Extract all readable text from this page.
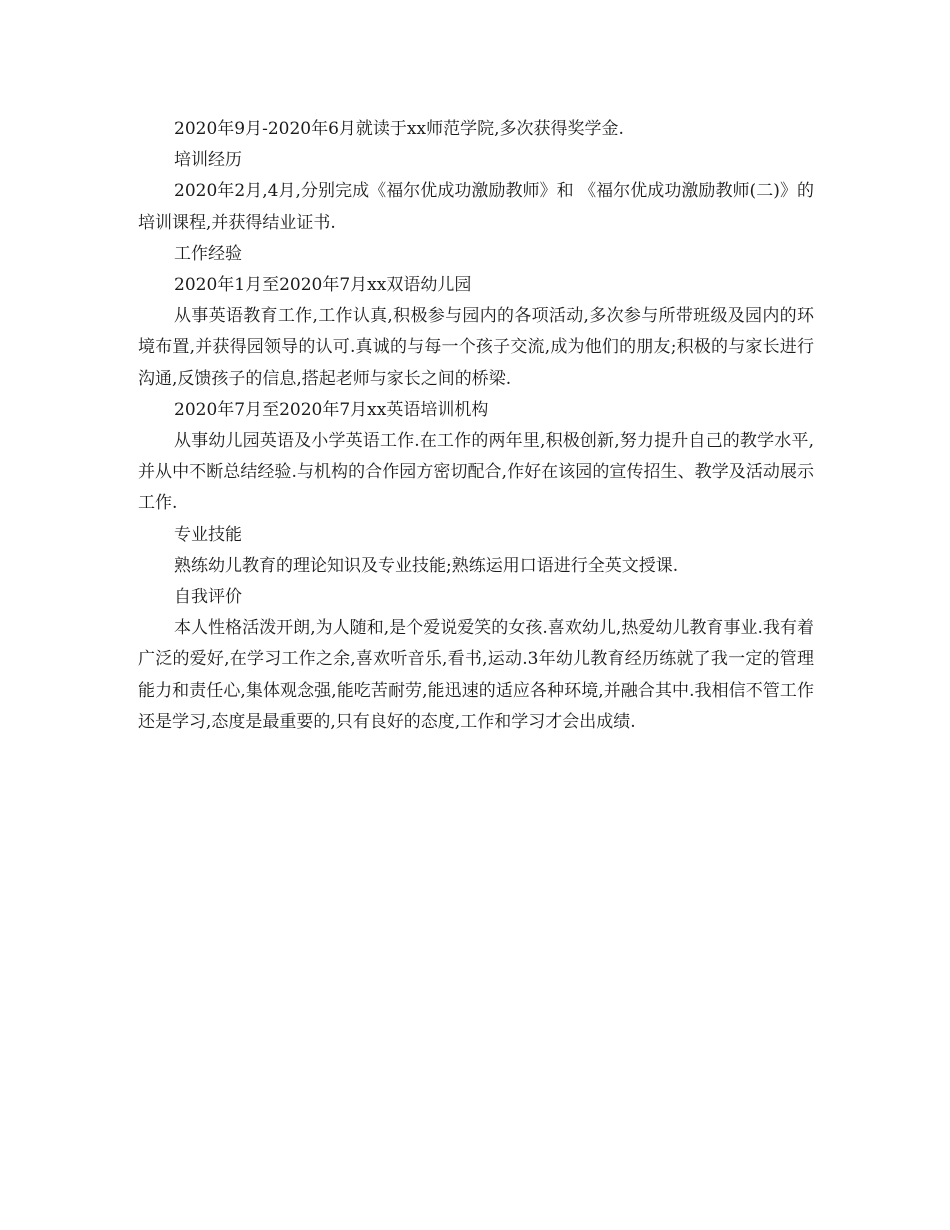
2020年9月-2020年6月就读于xx师范学院,多次获得奖学金.

培训经历

2020年2月,4月,分别完成《福尔优成功激励教师》和 《福尔优成功激励教师(二)》的培训课程,并获得结业证书.

工作经验

2020年1月至2020年7月xx双语幼儿园

从事英语教育工作,工作认真,积极参与园内的各项活动,多次参与所带班级及园内的环境布置,并获得园领导的认可.真诚的与每一个孩子交流,成为他们的朋友;积极的与家长进行沟通,反馈孩子的信息,搭起老师与家长之间的桥梁.

2020年7月至2020年7月xx英语培训机构

从事幼儿园英语及小学英语工作.在工作的两年里,积极创新,努力提升自己的教学水平,并从中不断总结经验.与机构的合作园方密切配合,作好在该园的宣传招生、教学及活动展示工作.

专业技能

熟练幼儿教育的理论知识及专业技能;熟练运用口语进行全英文授课.

自我评价

本人性格活泼开朗,为人随和,是个爱说爱笑的女孩.喜欢幼儿,热爱幼儿教育事业.我有着广泛的爱好,在学习工作之余,喜欢听音乐,看书,运动.3年幼儿教育经历练就了我一定的管理能力和责任心,集体观念强,能吃苦耐劳,能迅速的适应各种环境,并融合其中.我相信不管工作还是学习,态度是最重要的,只有良好的态度,工作和学习才会出成绩.
